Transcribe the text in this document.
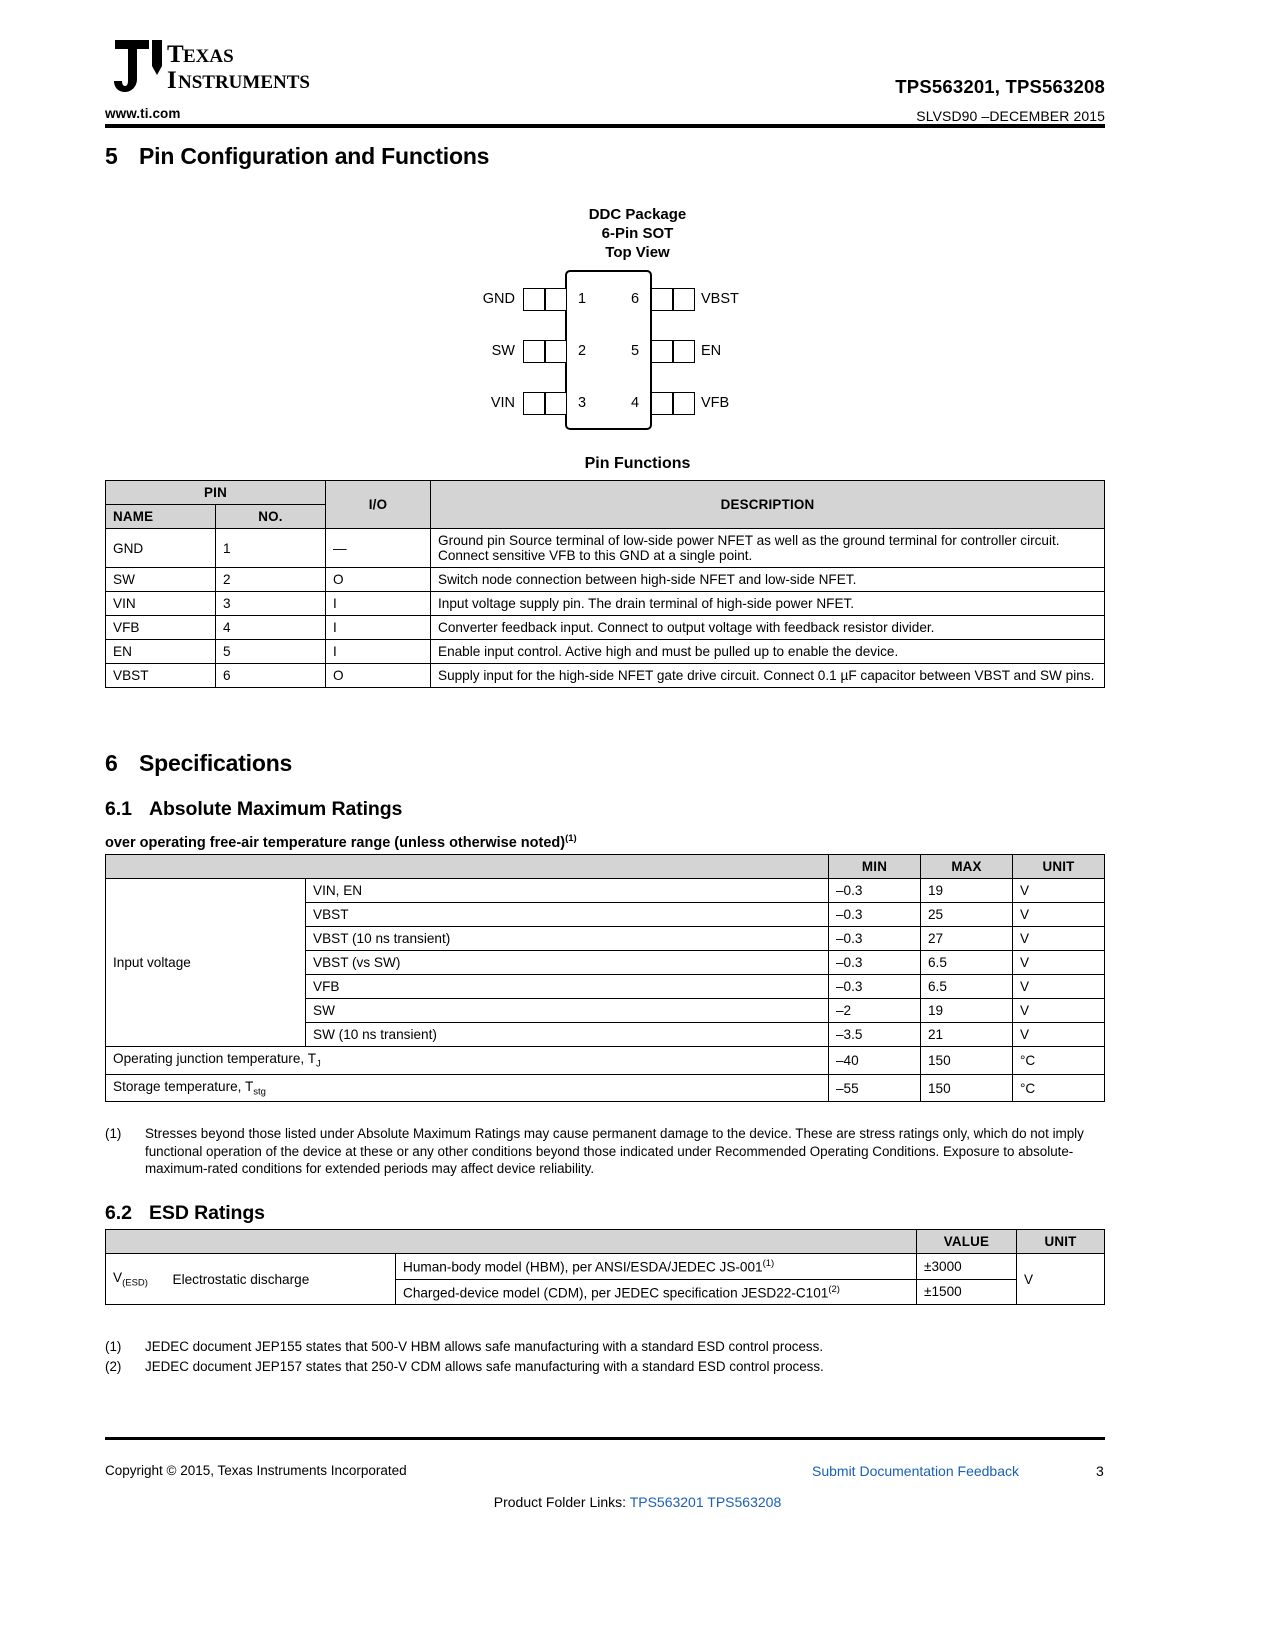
T EXAS
I NSTRUMENTS
www.ti.com
TPS563201, TPS563208
SLVSD90 –DECEMBER 2015
5 Pin Configuration and Functions
DDC Package
6-Pin SOT
Top View
1
2
3
6
5
4
GND
SW
VIN
VBST
EN
VFB
Pin Functions
PIN		I/O	DESCRIPTION
NAME	NO.		
GND	1	—	Ground pin Source terminal of low-side power NFET as well as the ground terminal for controller circuit. Connect sensitive VFB to this GND at a single point.
SW	2	O	Switch node connection between high-side NFET and low-side NFET.
VIN	3	I	Input voltage supply pin. The drain terminal of high-side power NFET.
VFB	4	I	Converter feedback input. Connect to output voltage with feedback resistor divider.
EN	5	I	Enable input control. Active high and must be pulled up to enable the device.
VBST	6	O	Supply input for the high-side NFET gate drive circuit. Connect 0.1 µF capacitor between VBST and SW pins.
6 Specifications
6.1 Absolute Maximum Ratings
over operating free-air temperature range (unless otherwise noted)$^{(1)}$
		MIN	MAX	UNIT
Input voltage	VIN, EN	–0.3	19	V
	VBST	–0.3	25	V
	VBST (10 ns transient)	–0.3	27	V
	VBST (vs SW)	–0.3	6.5	V
	VFB	–0.3	6.5	V
	SW	–2	19	V
	SW (10 ns transient)	–3.5	21	V
Operating junction temperature, $T_J$		–40	150	°C
Storage temperature, $T_{stg}$		–55	150	°C
(1)	Stresses beyond those listed under Absolute Maximum Ratings may cause permanent damage to the device. These are stress ratings only, which do not imply functional operation of the device at these or any other conditions beyond those indicated under Recommended Operating Conditions. Exposure to absolute-maximum-rated conditions for extended periods may affect device reliability.
6.2 ESD Ratings
			VALUE	UNIT
$V_{(ESD)}$	Electrostatic discharge	Human-body model (HBM), per ANSI/ESDA/JEDEC $JS-001^{(1)}$	±3000	V
		Charged-device model (CDM), per JEDEC specification $JESD22-C101^{(2)}$	±1500	
(1)	JEDEC document JEP155 states that 500-V HBM allows safe manufacturing with a standard ESD control process.
(2)	JEDEC document JEP157 states that 250-V CDM allows safe manufacturing with a standard ESD control process.
Copyright © 2015, Texas Instruments Incorporated	Submit Documentation Feedback	3
Product Folder Links: TPS563201 TPS563208
